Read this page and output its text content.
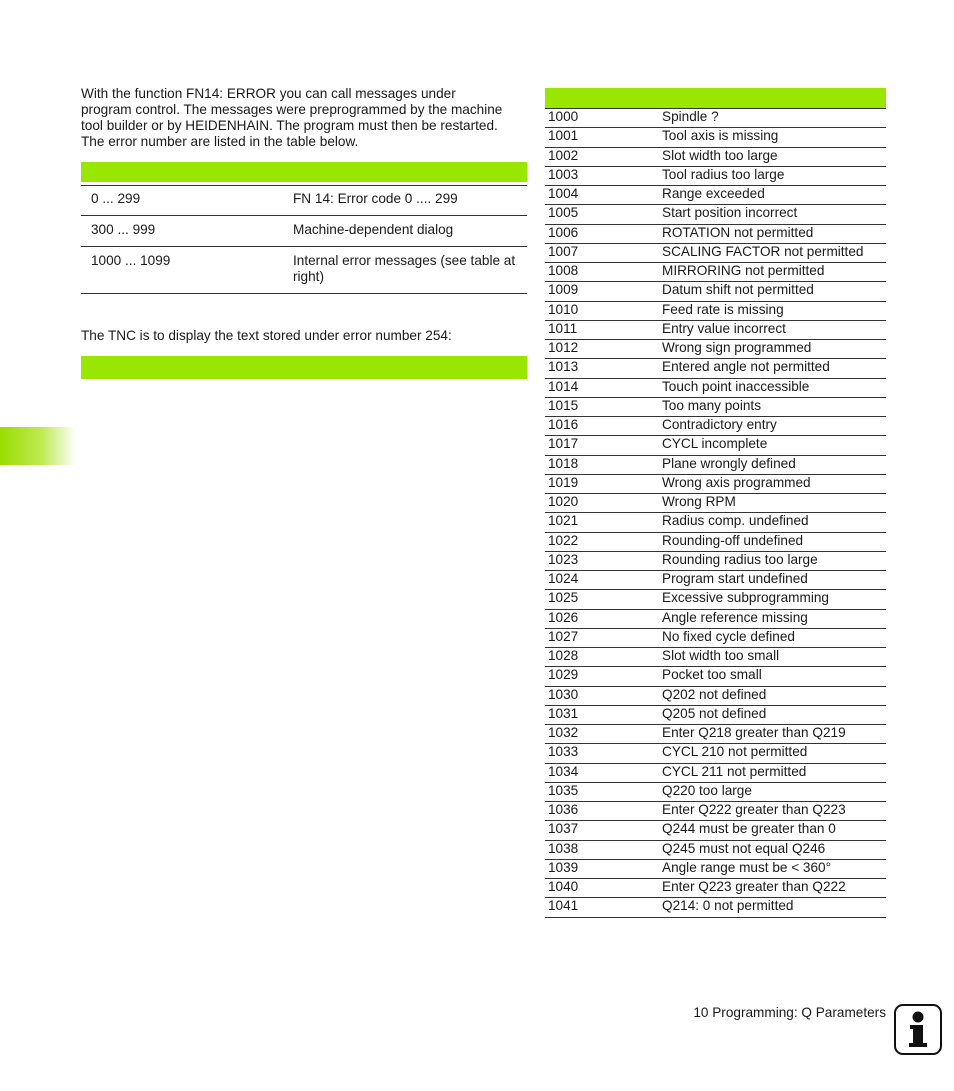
With the function FN14: ERROR you can call messages under
program control. The messages were preprogrammed by the machine
tool builder or by HEIDENHAIN. The program must then be restarted.
The error number are listed in the table below.

0 ... 299	FN 14: Error code 0 .... 299
300 ... 999	Machine-dependent dialog
1000 ... 1099	Internal error messages (see table at right)

The TNC is to display the text stored under error number 254:

1000	Spindle ?
1001	Tool axis is missing
1002	Slot width too large
1003	Tool radius too large
1004	Range exceeded
1005	Start position incorrect
1006	ROTATION not permitted
1007	SCALING FACTOR not permitted
1008	MIRRORING not permitted
1009	Datum shift not permitted
1010	Feed rate is missing
1011	Entry value incorrect
1012	Wrong sign programmed
1013	Entered angle not permitted
1014	Touch point inaccessible
1015	Too many points
1016	Contradictory entry
1017	CYCL incomplete
1018	Plane wrongly defined
1019	Wrong axis programmed
1020	Wrong RPM
1021	Radius comp. undefined
1022	Rounding-off undefined
1023	Rounding radius too large
1024	Program start undefined
1025	Excessive subprogramming
1026	Angle reference missing
1027	No fixed cycle defined
1028	Slot width too small
1029	Pocket too small
1030	Q202 not defined
1031	Q205 not defined
1032	Enter Q218 greater than Q219
1033	CYCL 210 not permitted
1034	CYCL 211 not permitted
1035	Q220 too large
1036	Enter Q222 greater than Q223
1037	Q244 must be greater than 0
1038	Q245 must not equal Q246
1039	Angle range must be < 360°
1040	Enter Q223 greater than Q222
1041	Q214: 0 not permitted
10 Programming: Q Parameters
